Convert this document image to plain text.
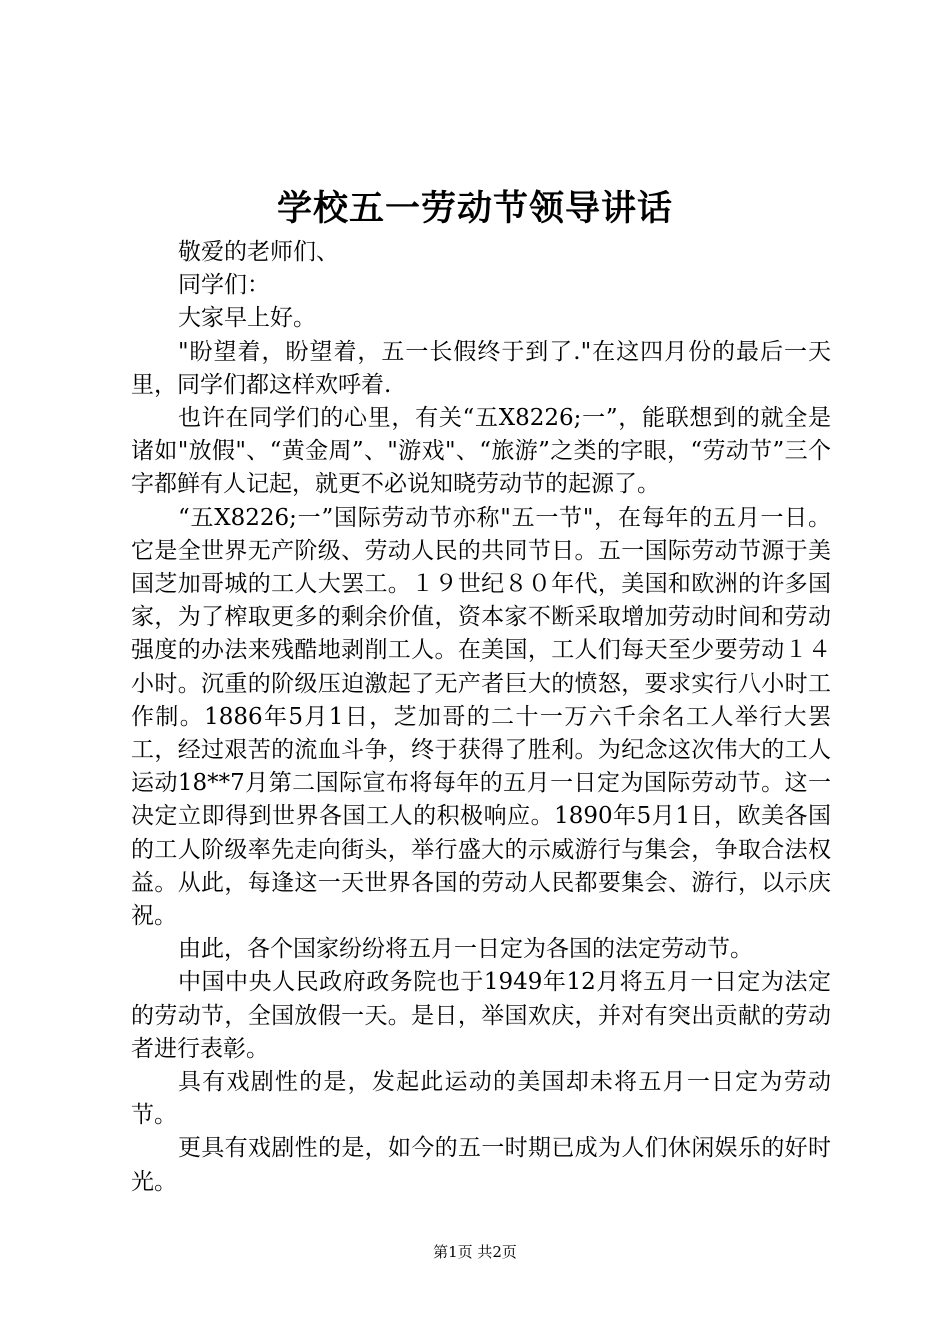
学校五一劳动节领导讲话

敬爱的老师们、

同学们：

大家早上好。

"盼望着，盼望着，五一长假终于到了."在这四月份的最后一天里，同学们都这样欢呼着.

也许在同学们的心里，有关“五X8226;一”，能联想到的就全是诸如"放假"、“黄金周”、"游戏"、“旅游”之类的字眼，“劳动节”三个字都鲜有人记起，就更不必说知晓劳动节的起源了。

“五X8226;一”国际劳动节亦称"五一节"，在每年的五月一日。它是全世界无产阶级、劳动人民的共同节日。五一国际劳动节源于美国芝加哥城的工人大罢工。１９世纪８０年代，美国和欧洲的许多国家，为了榨取更多的剩余价值，资本家不断采取增加劳动时间和劳动强度的办法来残酷地剥削工人。在美国，工人们每天至少要劳动１４小时。沉重的阶级压迫激起了无产者巨大的愤怒，要求实行八小时工作制。1886年5月1日，芝加哥的二十一万六千余名工人举行大罢工，经过艰苦的流血斗争，终于获得了胜利。为纪念这次伟大的工人运动18**7月第二国际宣布将每年的五月一日定为国际劳动节。这一决定立即得到世界各国工人的积极响应。1890年5月1日，欧美各国的工人阶级率先走向街头，举行盛大的示威游行与集会，争取合法权益。从此，每逢这一天世界各国的劳动人民都要集会、游行，以示庆祝。

由此，各个国家纷纷将五月一日定为各国的法定劳动节。

中国中央人民政府政务院也于1949年12月将五月一日定为法定的劳动节，全国放假一天。是日，举国欢庆，并对有突出贡献的劳动者进行表彰。

具有戏剧性的是，发起此运动的美国却未将五月一日定为劳动节。

更具有戏剧性的是，如今的五一时期已成为人们休闲娱乐的好时光。

第1页 共2页
